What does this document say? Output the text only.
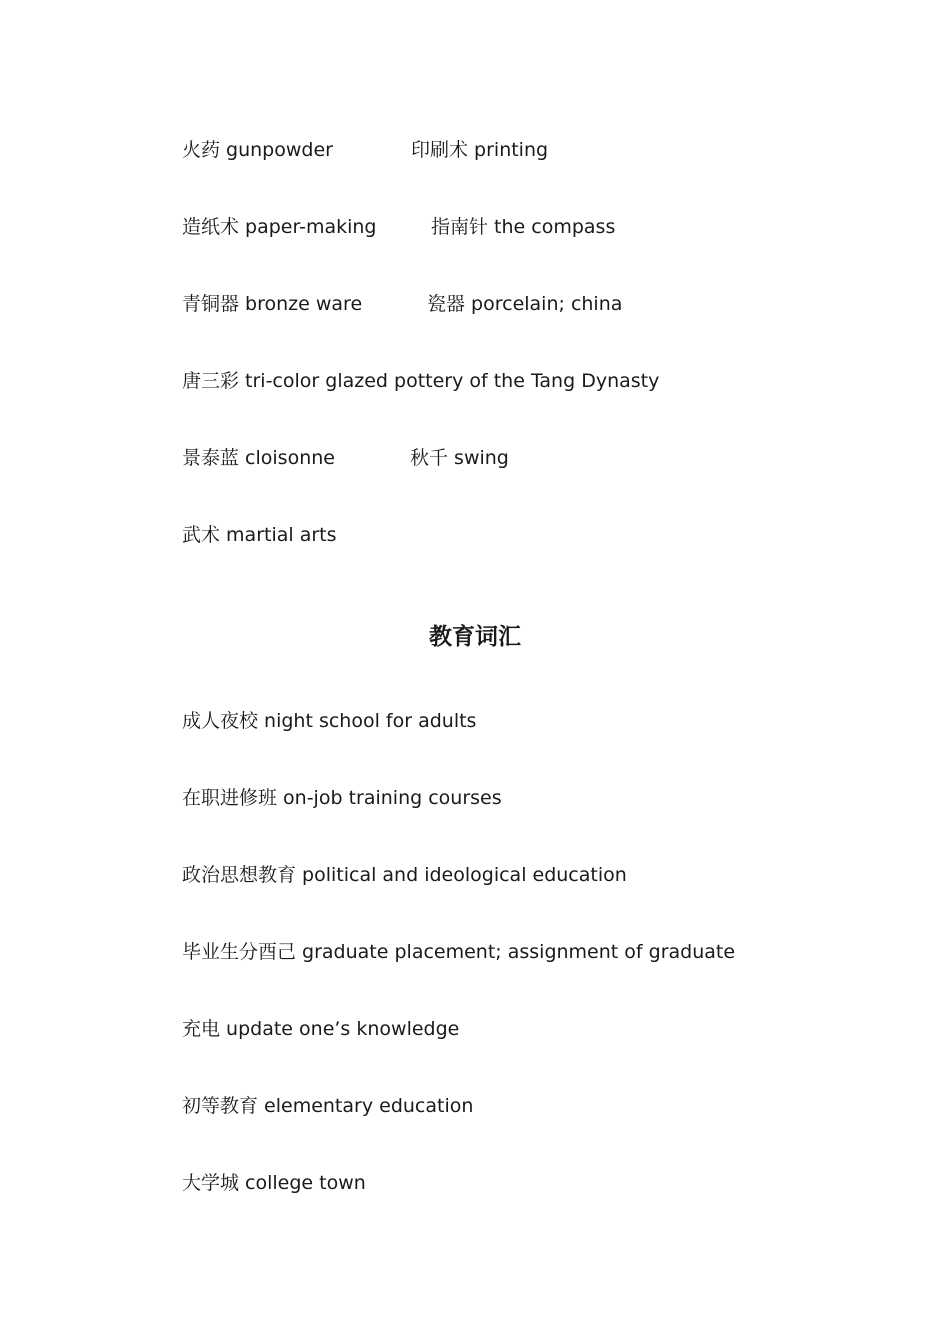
火药 gunpowder	印刷术 printing
造纸术 paper-making	指南针 the compass
青铜器 bronze ware	瓷器 porcelain; china
唐三彩 tri-color glazed pottery of the Tang Dynasty
景泰蓝 cloisonne	秋千 swing
武术 martial arts
教育词汇
成人夜校 night school for adults
在职进修班 on-job training courses
政治思想教育 political and ideological education
毕业生分酉己 graduate placement; assignment of graduate
充电 update one’s knowledge
初等教育 elementary education
大学城 college town
